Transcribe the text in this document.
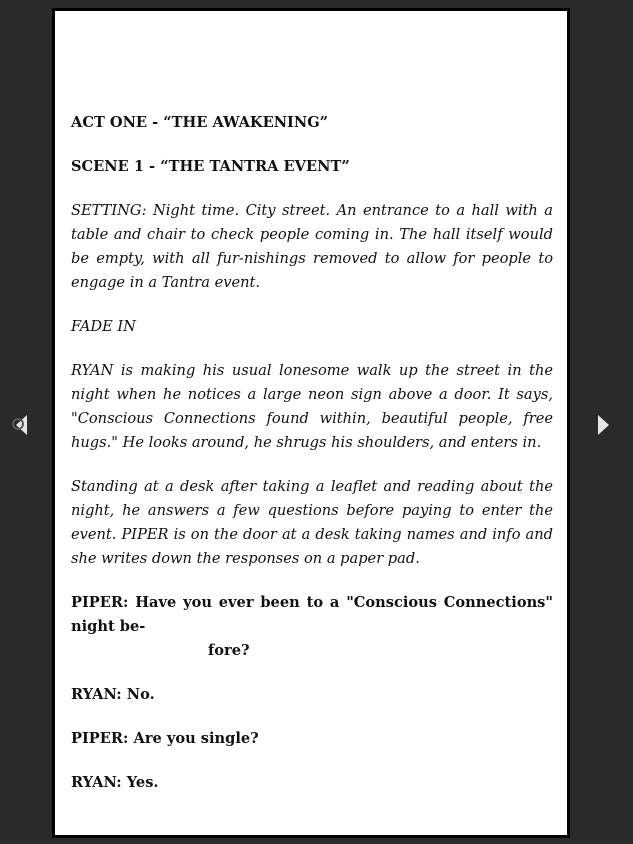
ACT ONE - “THE AWAKENING”

SCENE 1 - “THE TANTRA EVENT”

SETTING: Night time. City street. An entrance to a hall with a table and chair to check people coming in. The hall itself would be empty, with all fur-nishings removed to allow for people to engage in a Tantra event.

FADE IN

RYAN is making his usual lonesome walk up the street in the night when he notices a large neon sign above a door. It says, "Conscious Connections found within, beautiful people, free hugs." He looks around, he shrugs his shoulders, and enters in.

Standing at a desk after taking a leaflet and reading about the night, he answers a few questions before paying to enter the event. PIPER is on the door at a desk taking names and info and she writes down the responses on a paper pad.

PIPER: Have you ever been to a "Conscious Connections" night be-
fore?

RYAN: No.

PIPER: Are you single?

RYAN: Yes.
